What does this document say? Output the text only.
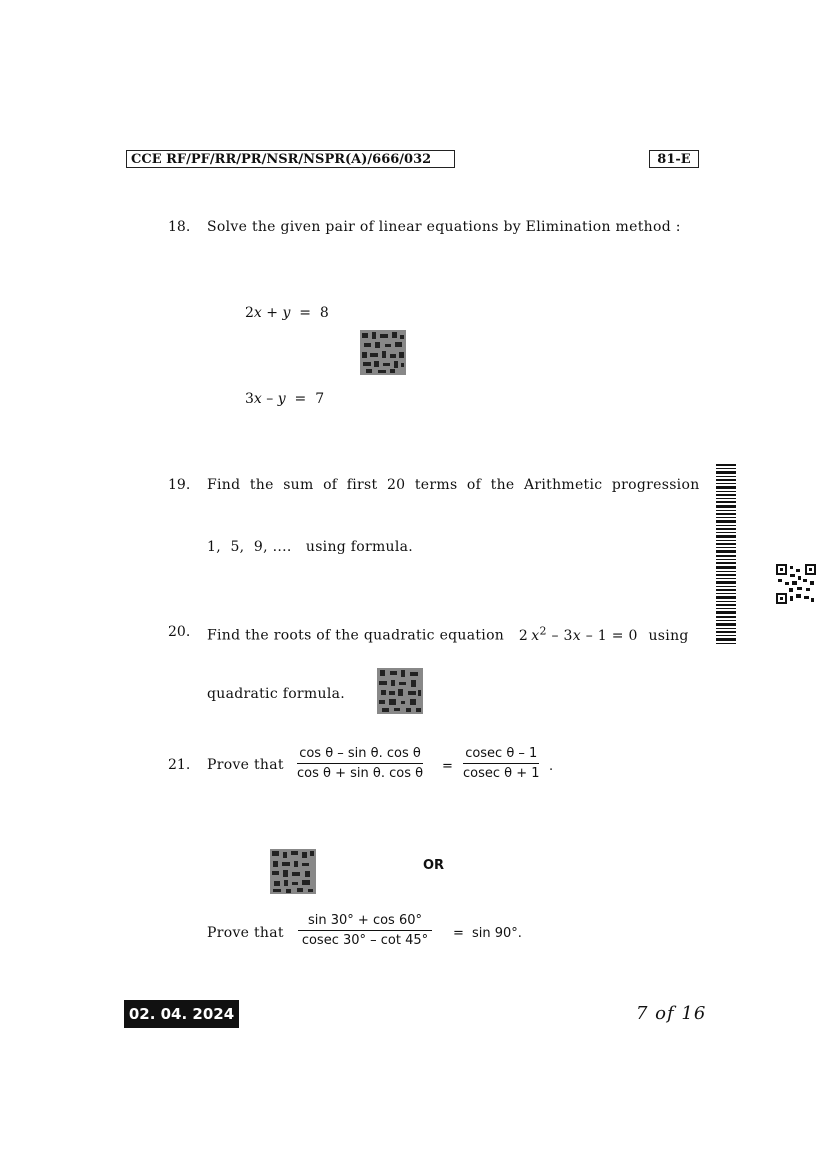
CCE RF/PF/RR/PR/NSR/NSPR(A)/666/032	81-E
18. Solve the given pair of linear equations by Elimination method :
2x + y  =  8
3x – y  =  7
19. Find  the  sum  of  first  20  terms  of  the  Arithmetic  progression
1,  5,  9, ....   using formula.
20. Find the roots of the quadratic equation 2  $x^2 - 3x - 1 = 0$ using
quadratic formula.
21. Prove that $\frac{\text{cos θ – sin θ. cos θ}}{\text{cos θ + sin θ. cos θ}} = \frac{\text{cosec θ – 1}}{\text{cosec θ + 1}}$ .
OR
Prove that $\frac{\sin 30^\circ + \cos 60^\circ}{cosec 30^\circ - \cot 45^\circ} = \sin 90^\circ$.
02. 04. 2024	7 of 16
